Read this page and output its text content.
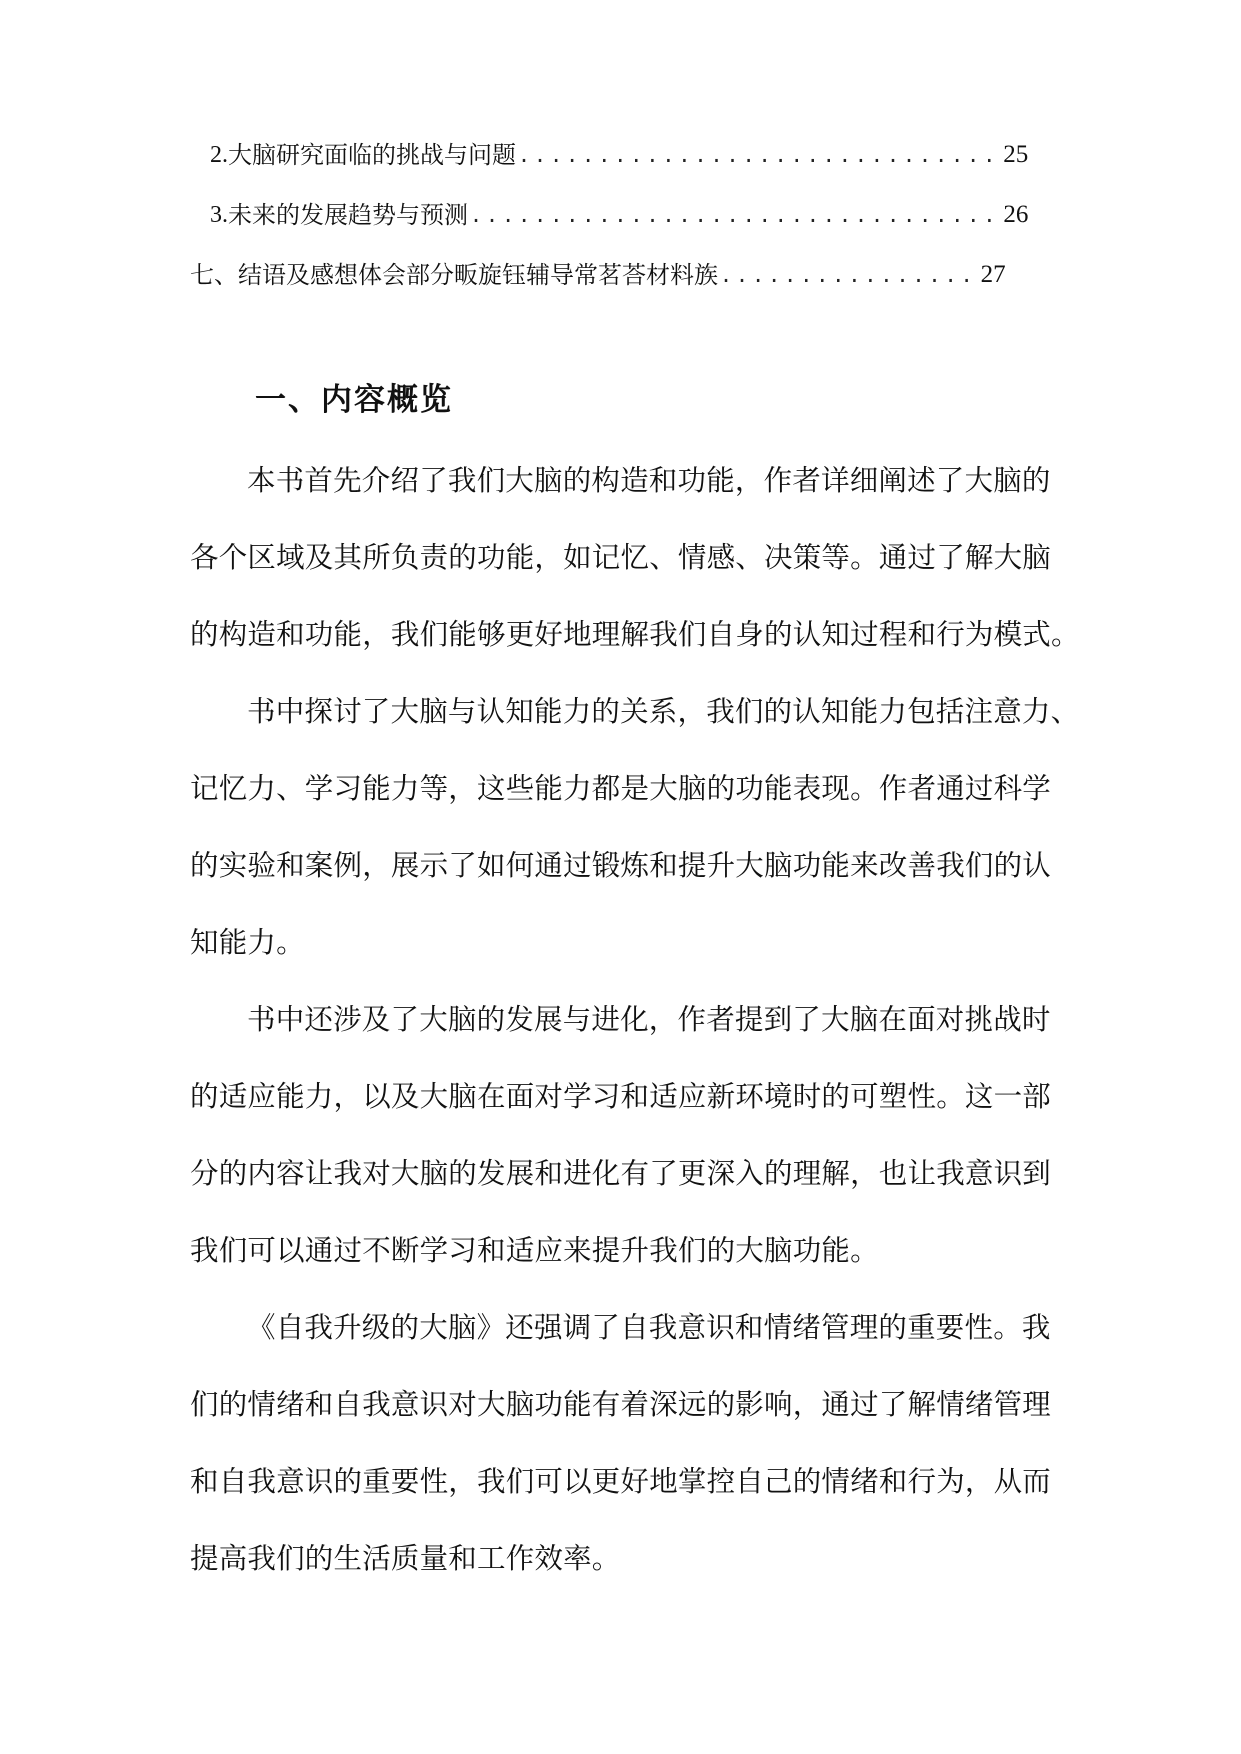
2. 大脑研究面临的挑战与问题 .............................. 25
3. 未来的发展趋势与预测 ................................. 26
七、结语及感想体会部分畈旋钰辅导常茗荅材料族 ................ 27
一、内容概览
本书首先介绍了我们大脑的构造和功能，作者详细阐述了大脑的
各个区域及其所负责的功能，如记忆、情感、决策等。通过了解大脑
的构造和功能，我们能够更好地理解我们自身的认知过程和行为模式。
书中探讨了大脑与认知能力的关系，我们的认知能力包括注意力、
记忆力、学习能力等，这些能力都是大脑的功能表现。作者通过科学
的实验和案例，展示了如何通过锻炼和提升大脑功能来改善我们的认
知能力。
书中还涉及了大脑的发展与进化，作者提到了大脑在面对挑战时
的适应能力，以及大脑在面对学习和适应新环境时的可塑性。这一部
分的内容让我对大脑的发展和进化有了更深入的理解，也让我意识到
我们可以通过不断学习和适应来提升我们的大脑功能。
《自我升级的大脑》还强调了自我意识和情绪管理的重要性。我
们的情绪和自我意识对大脑功能有着深远的影响，通过了解情绪管理
和自我意识的重要性，我们可以更好地掌控自己的情绪和行为，从而
提高我们的生活质量和工作效率。
